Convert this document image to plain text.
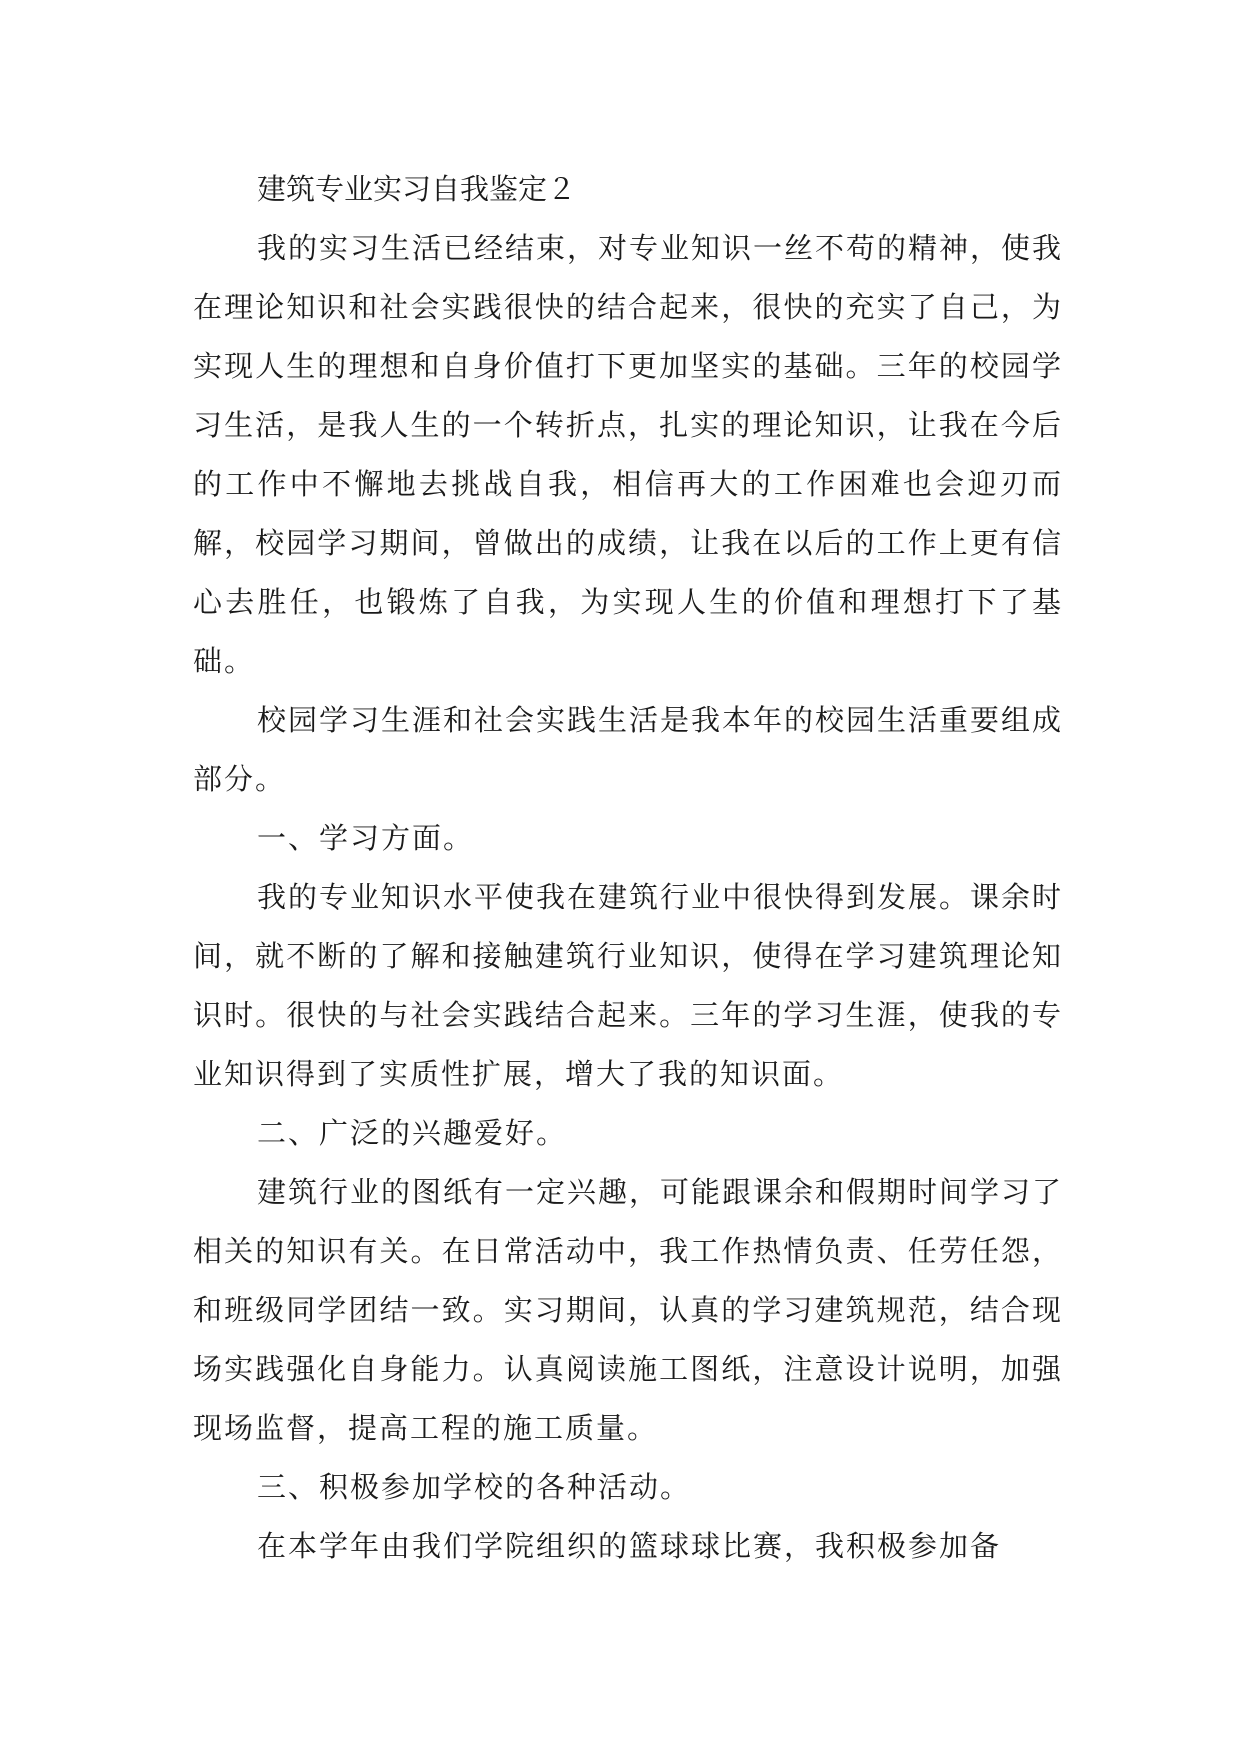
建筑专业实习自我鉴定２

我的实习生活已经结束，对专业知识一丝不苟的精神，使我在理论知识和社会实践很快的结合起来，很快的充实了自己，为实现人生的理想和自身价值打下更加坚实的基础。三年的校园学习生活，是我人生的一个转折点，扎实的理论知识，让我在今后的工作中不懈地去挑战自我，相信再大的工作困难也会迎刃而解，校园学习期间，曾做出的成绩，让我在以后的工作上更有信心去胜任，也锻炼了自我，为实现人生的价值和理想打下了基础。

校园学习生涯和社会实践生活是我本年的校园生活重要组成部分。

一、学习方面。

我的专业知识水平使我在建筑行业中很快得到发展。课余时间，就不断的了解和接触建筑行业知识，使得在学习建筑理论知识时。很快的与社会实践结合起来。三年的学习生涯，使我的专业知识得到了实质性扩展，增大了我的知识面。

二、广泛的兴趣爱好。

建筑行业的图纸有一定兴趣，可能跟课余和假期时间学习了相关的知识有关。在日常活动中，我工作热情负责、任劳任怨，和班级同学团结一致。实习期间，认真的学习建筑规范，结合现场实践强化自身能力。认真阅读施工图纸，注意设计说明，加强现场监督，提高工程的施工质量。

三、积极参加学校的各种活动。

在本学年由我们学院组织的篮球球比赛，我积极参加备
